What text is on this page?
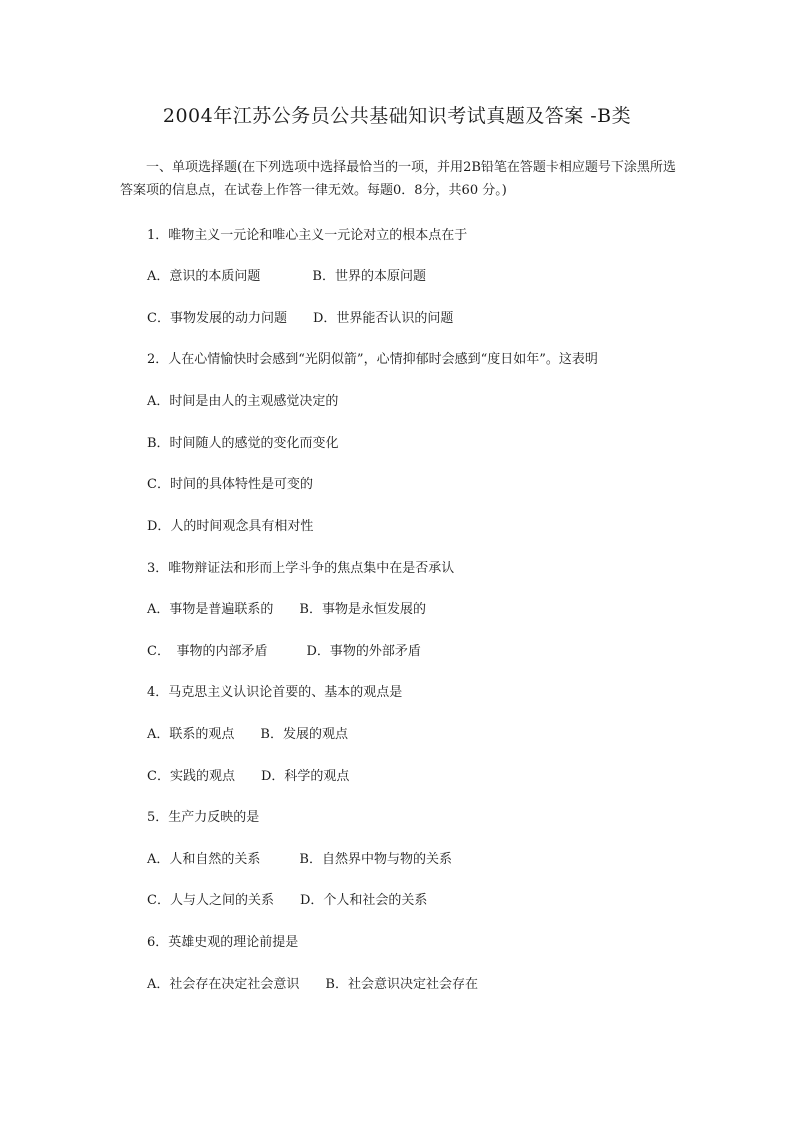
2004年江苏公务员公共基础知识考试真题及答案 -B类
一、单项选择题(在下列选项中选择最恰当的一项，并用2B铅笔在答题卡相应题号下涂黑所选答案项的信息点，在试卷上作答一律无效。每题0．8分，共60 分。)
1．唯物主义一元论和唯心主义一元论对立的根本点在于
A．意识的本质问题　　　　B．世界的本原问题
C．事物发展的动力问题　　D．世界能否认识的问题
2．人在心情愉快时会感到“光阴似箭”，心情抑郁时会感到“度日如年”。这表明
A．时间是由人的主观感觉决定的
B．时间随人的感觉的变化而变化
C．时间的具体特性是可变的
D．人的时间观念具有相对性
3．唯物辩证法和形而上学斗争的焦点集中在是否承认
A．事物是普遍联系的　　B．事物是永恒发展的
C．　事物的内部矛盾　　　D．事物的外部矛盾
4．马克思主义认识论首要的、基本的观点是
A．联系的观点　　B．发展的观点
C．实践的观点　　D．科学的观点
5．生产力反映的是
A．人和自然的关系　　　B．自然界中物与物的关系
C．人与人之间的关系　　D．个人和社会的关系
6．英雄史观的理论前提是
A．社会存在决定社会意识　　B．社会意识决定社会存在
